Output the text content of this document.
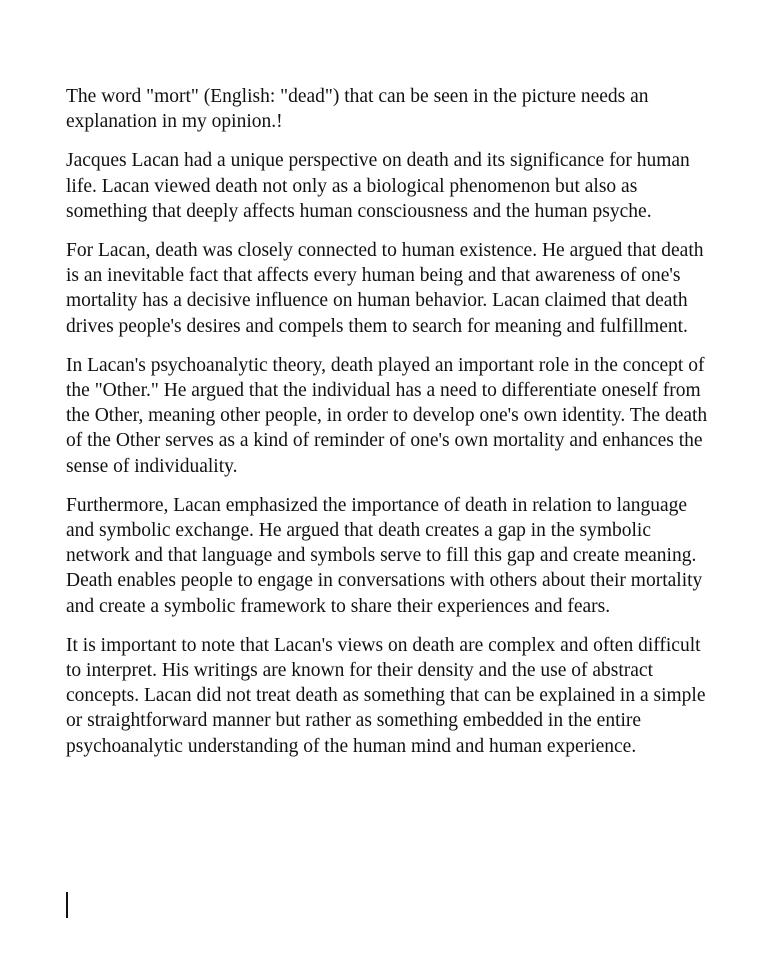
The word "mort" (English: "dead") that can be seen in the picture needs an explanation in my opinion.!

Jacques Lacan had a unique perspective on death and its significance for human life. Lacan viewed death not only as a biological phenomenon but also as something that deeply affects human consciousness and the human psyche.

For Lacan, death was closely connected to human existence. He argued that death is an inevitable fact that affects every human being and that awareness of one's mortality has a decisive influence on human behavior. Lacan claimed that death drives people's desires and compels them to search for meaning and fulfillment.

In Lacan's psychoanalytic theory, death played an important role in the concept of the "Other." He argued that the individual has a need to differentiate oneself from the Other, meaning other people, in order to develop one's own identity. The death of the Other serves as a kind of reminder of one's own mortality and enhances the sense of individuality.

Furthermore, Lacan emphasized the importance of death in relation to language and symbolic exchange. He argued that death creates a gap in the symbolic network and that language and symbols serve to fill this gap and create meaning. Death enables people to engage in conversations with others about their mortality and create a symbolic framework to share their experiences and fears.

It is important to note that Lacan's views on death are complex and often difficult to interpret. His writings are known for their density and the use of abstract concepts. Lacan did not treat death as something that can be explained in a simple or straightforward manner but rather as something embedded in the entire psychoanalytic understanding of the human mind and human experience.
